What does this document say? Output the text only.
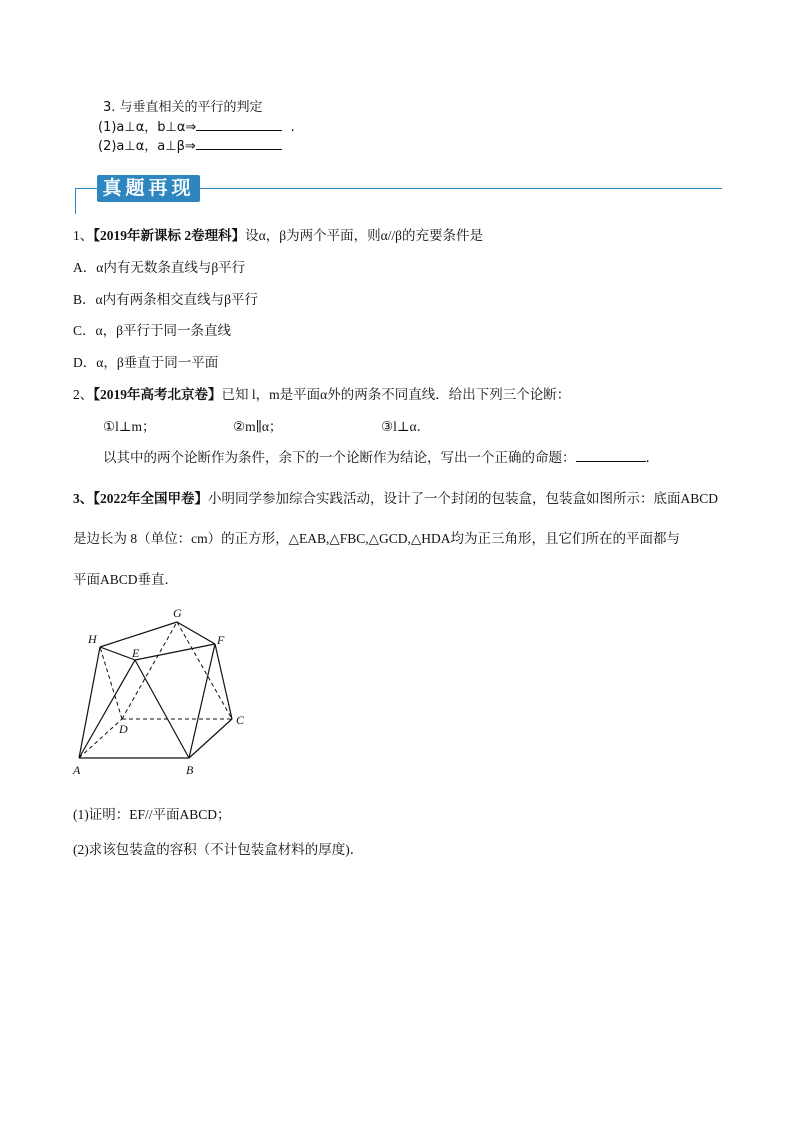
3. 与垂直相关的平行的判定
(1)a⊥α，b⊥α⇒	.
(2)a⊥α，a⊥β⇒
真题再现
1、【2019年新课标 2卷理科】设α，β为两个平面，则α//β的充要条件是
A．α内有无数条直线与β平行
B．α内有两条相交直线与β平行
C．α，β平行于同一条直线
D．α，β垂直于同一平面
2、【2019年高考北京卷】已知 l，m是平面α外的两条不同直线．给出下列三个论断：
①l⊥m；	②m∥α；	③l⊥α．
以其中的两个论断作为条件，余下的一个论断作为结论，写出一个正确的命题：	．
3、【2022年全国甲卷】小明同学参加综合实践活动，设计了一个封闭的包装盒，包装盒如图所示：底面ABCD
是边长为 8（单位：cm）的正方形，△EAB,△FBC,△GCD,△HDA均为正三角形，且它们所在的平面都与
平面ABCD垂直．
A	B
C
D
E
F
G
H
(1)证明：EF//平面ABCD；
(2)求该包装盒的容积（不计包装盒材料的厚度)．
